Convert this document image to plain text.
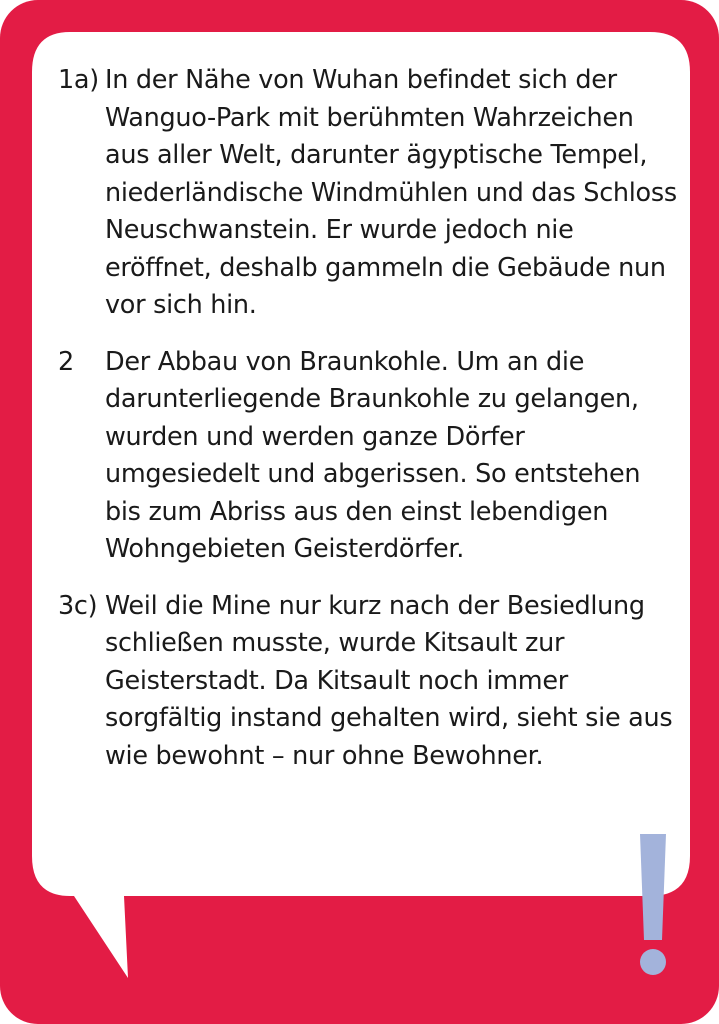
1a) In der Nähe von Wuhan befindet sich der Wanguo-Park mit berühmten Wahrzeichen aus aller Welt, darunter ägyptische Tempel, niederländische Windmühlen und das Schloss Neuschwanstein. Er wurde jedoch nie eröffnet, deshalb gammeln die Gebäude nun vor sich hin.

2	Der Abbau von Braunkohle. Um an die darunterliegende Braunkohle zu gelangen, wurden und werden ganze Dörfer umgesiedelt und abgerissen. So entstehen bis zum Abriss aus den einst lebendigen Wohngebieten Geisterdörfer.

3c) Weil die Mine nur kurz nach der Besiedlung schließen musste, wurde Kitsault zur Geisterstadt. Da Kitsault noch immer sorgfältig instand gehalten wird, sieht sie aus wie bewohnt – nur ohne Bewohner.
